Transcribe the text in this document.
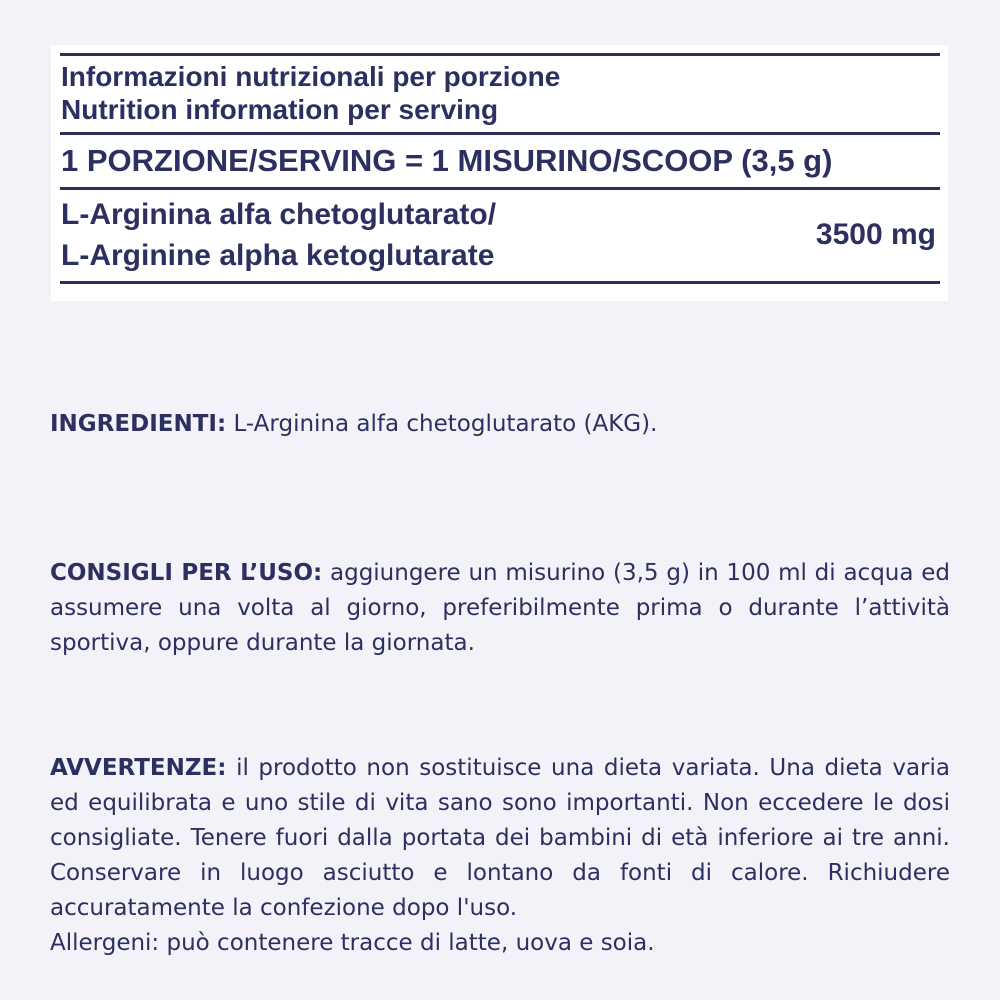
Informazioni nutrizionali per porzione
Nutrition information per serving
1 PORZIONE/SERVING = 1 MISURINO/SCOOP (3,5 g)
L-Arginina alfa chetoglutarato/
L-Arginine alpha ketoglutarate
3500 mg

INGREDIENTI: L-Arginina alfa chetoglutarato (AKG).

CONSIGLI PER L’USO: aggiungere un misurino (3,5 g) in 100 ml di acqua ed assumere una volta al giorno, preferibilmente prima o durante l’attività sportiva, oppure durante la giornata.

AVVERTENZE: il prodotto non sostituisce una dieta variata. Una dieta varia ed equilibrata e uno stile di vita sano sono importanti. Non eccedere le dosi consigliate. Tenere fuori dalla portata dei bambini di età inferiore ai tre anni. Conservare in luogo asciutto e lontano da fonti di calore. Richiudere accuratamente la confezione dopo l'uso.
Allergeni: può contenere tracce di latte, uova e soia.
